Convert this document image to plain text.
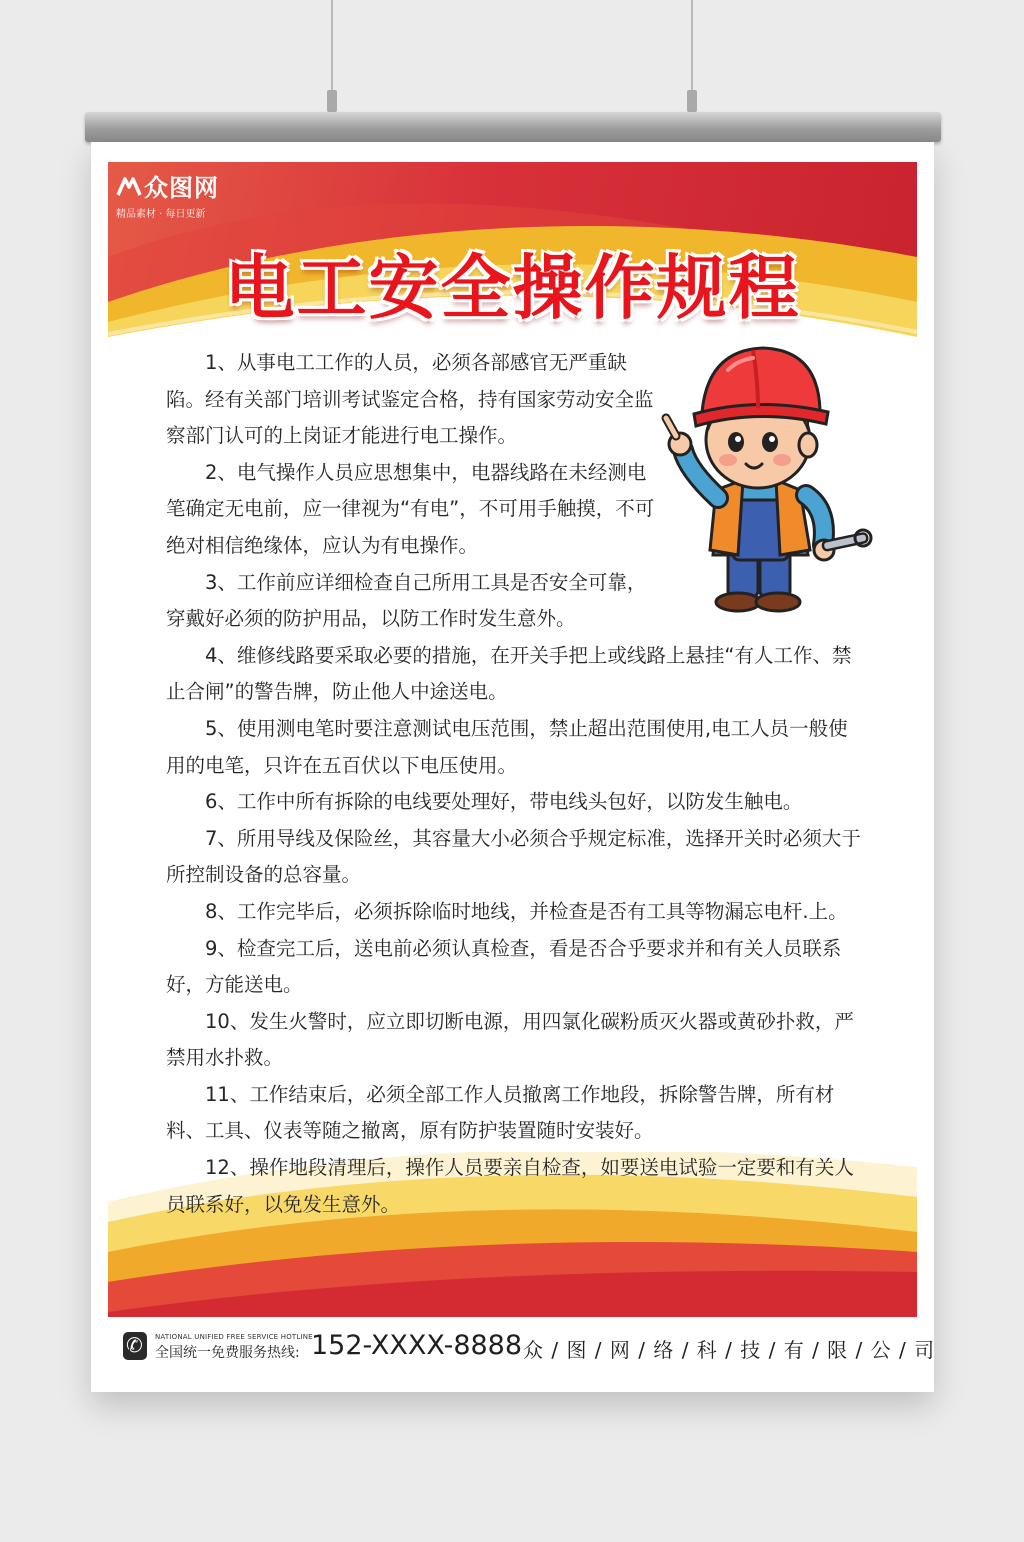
众图网
精品素材 · 每日更新
电工安全操作规程

1、从事电工工作的人员，必须各部感官无严重缺陷。经有关部门培训考试鉴定合格，持有国家劳动安全监察部门认可的上岗证才能进行电工操作。

2、电气操作人员应思想集中，电器线路在未经测电笔确定无电前，应一律视为“有电”，不可用手触摸，不可绝对相信绝缘体，应认为有电操作。

3、工作前应详细检查自己所用工具是否安全可靠，穿戴好必须的防护用品，以防工作时发生意外。

4、维修线路要采取必要的措施，在开关手把上或线路上悬挂“有人工作、禁止合闸”的警告牌，防止他人中途送电。

5、使用测电笔时要注意测试电压范围，禁止超出范围使用,电工人员一般使用的电笔，只许在五百伏以下电压使用。

6、工作中所有拆除的电线要处理好，带电线头包好，以防发生触电。

7、所用导线及保险丝，其容量大小必须合乎规定标准，选择开关时必须大于所控制设备的总容量。

8、工作完毕后，必须拆除临时地线，并检查是否有工具等物漏忘电杆.上。

9、检查完工后，送电前必须认真检查，看是否合乎要求并和有关人员联系好，方能送电。

10、发生火警时，应立即切断电源，用四氯化碳粉质灭火器或黄砂扑救，严禁用水扑救。

11、工作结束后，必须全部工作人员撤离工作地段，拆除警告牌，所有材料、工具、仪表等随之撤离，原有防护装置随时安装好。

12、操作地段清理后，操作人员要亲自检查，如要送电试验一定要和有关人员联系好，以免发生意外。

✆
NATIONAL UNIFIED FREE SERVICE HOTLINE
全国统一免费服务热线: 152-XXXX-8888 众 / 图 / 网 / 络 / 科 / 技 / 有 / 限 / 公 / 司
